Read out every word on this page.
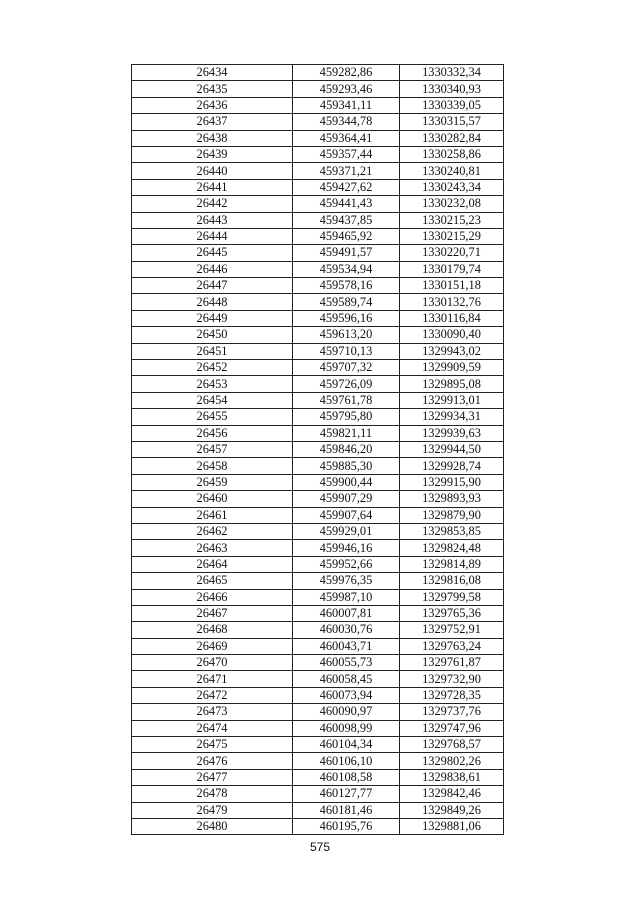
26434	459282,86	1330332,34
26435	459293,46	1330340,93
26436	459341,11	1330339,05
26437	459344,78	1330315,57
26438	459364,41	1330282,84
26439	459357,44	1330258,86
26440	459371,21	1330240,81
26441	459427,62	1330243,34
26442	459441,43	1330232,08
26443	459437,85	1330215,23
26444	459465,92	1330215,29
26445	459491,57	1330220,71
26446	459534,94	1330179,74
26447	459578,16	1330151,18
26448	459589,74	1330132,76
26449	459596,16	1330116,84
26450	459613,20	1330090,40
26451	459710,13	1329943,02
26452	459707,32	1329909,59
26453	459726,09	1329895,08
26454	459761,78	1329913,01
26455	459795,80	1329934,31
26456	459821,11	1329939,63
26457	459846,20	1329944,50
26458	459885,30	1329928,74
26459	459900,44	1329915,90
26460	459907,29	1329893,93
26461	459907,64	1329879,90
26462	459929,01	1329853,85
26463	459946,16	1329824,48
26464	459952,66	1329814,89
26465	459976,35	1329816,08
26466	459987,10	1329799,58
26467	460007,81	1329765,36
26468	460030,76	1329752,91
26469	460043,71	1329763,24
26470	460055,73	1329761,87
26471	460058,45	1329732,90
26472	460073,94	1329728,35
26473	460090,97	1329737,76
26474	460098,99	1329747,96
26475	460104,34	1329768,57
26476	460106,10	1329802,26
26477	460108,58	1329838,61
26478	460127,77	1329842,46
26479	460181,46	1329849,26
26480	460195,76	1329881,06
575
